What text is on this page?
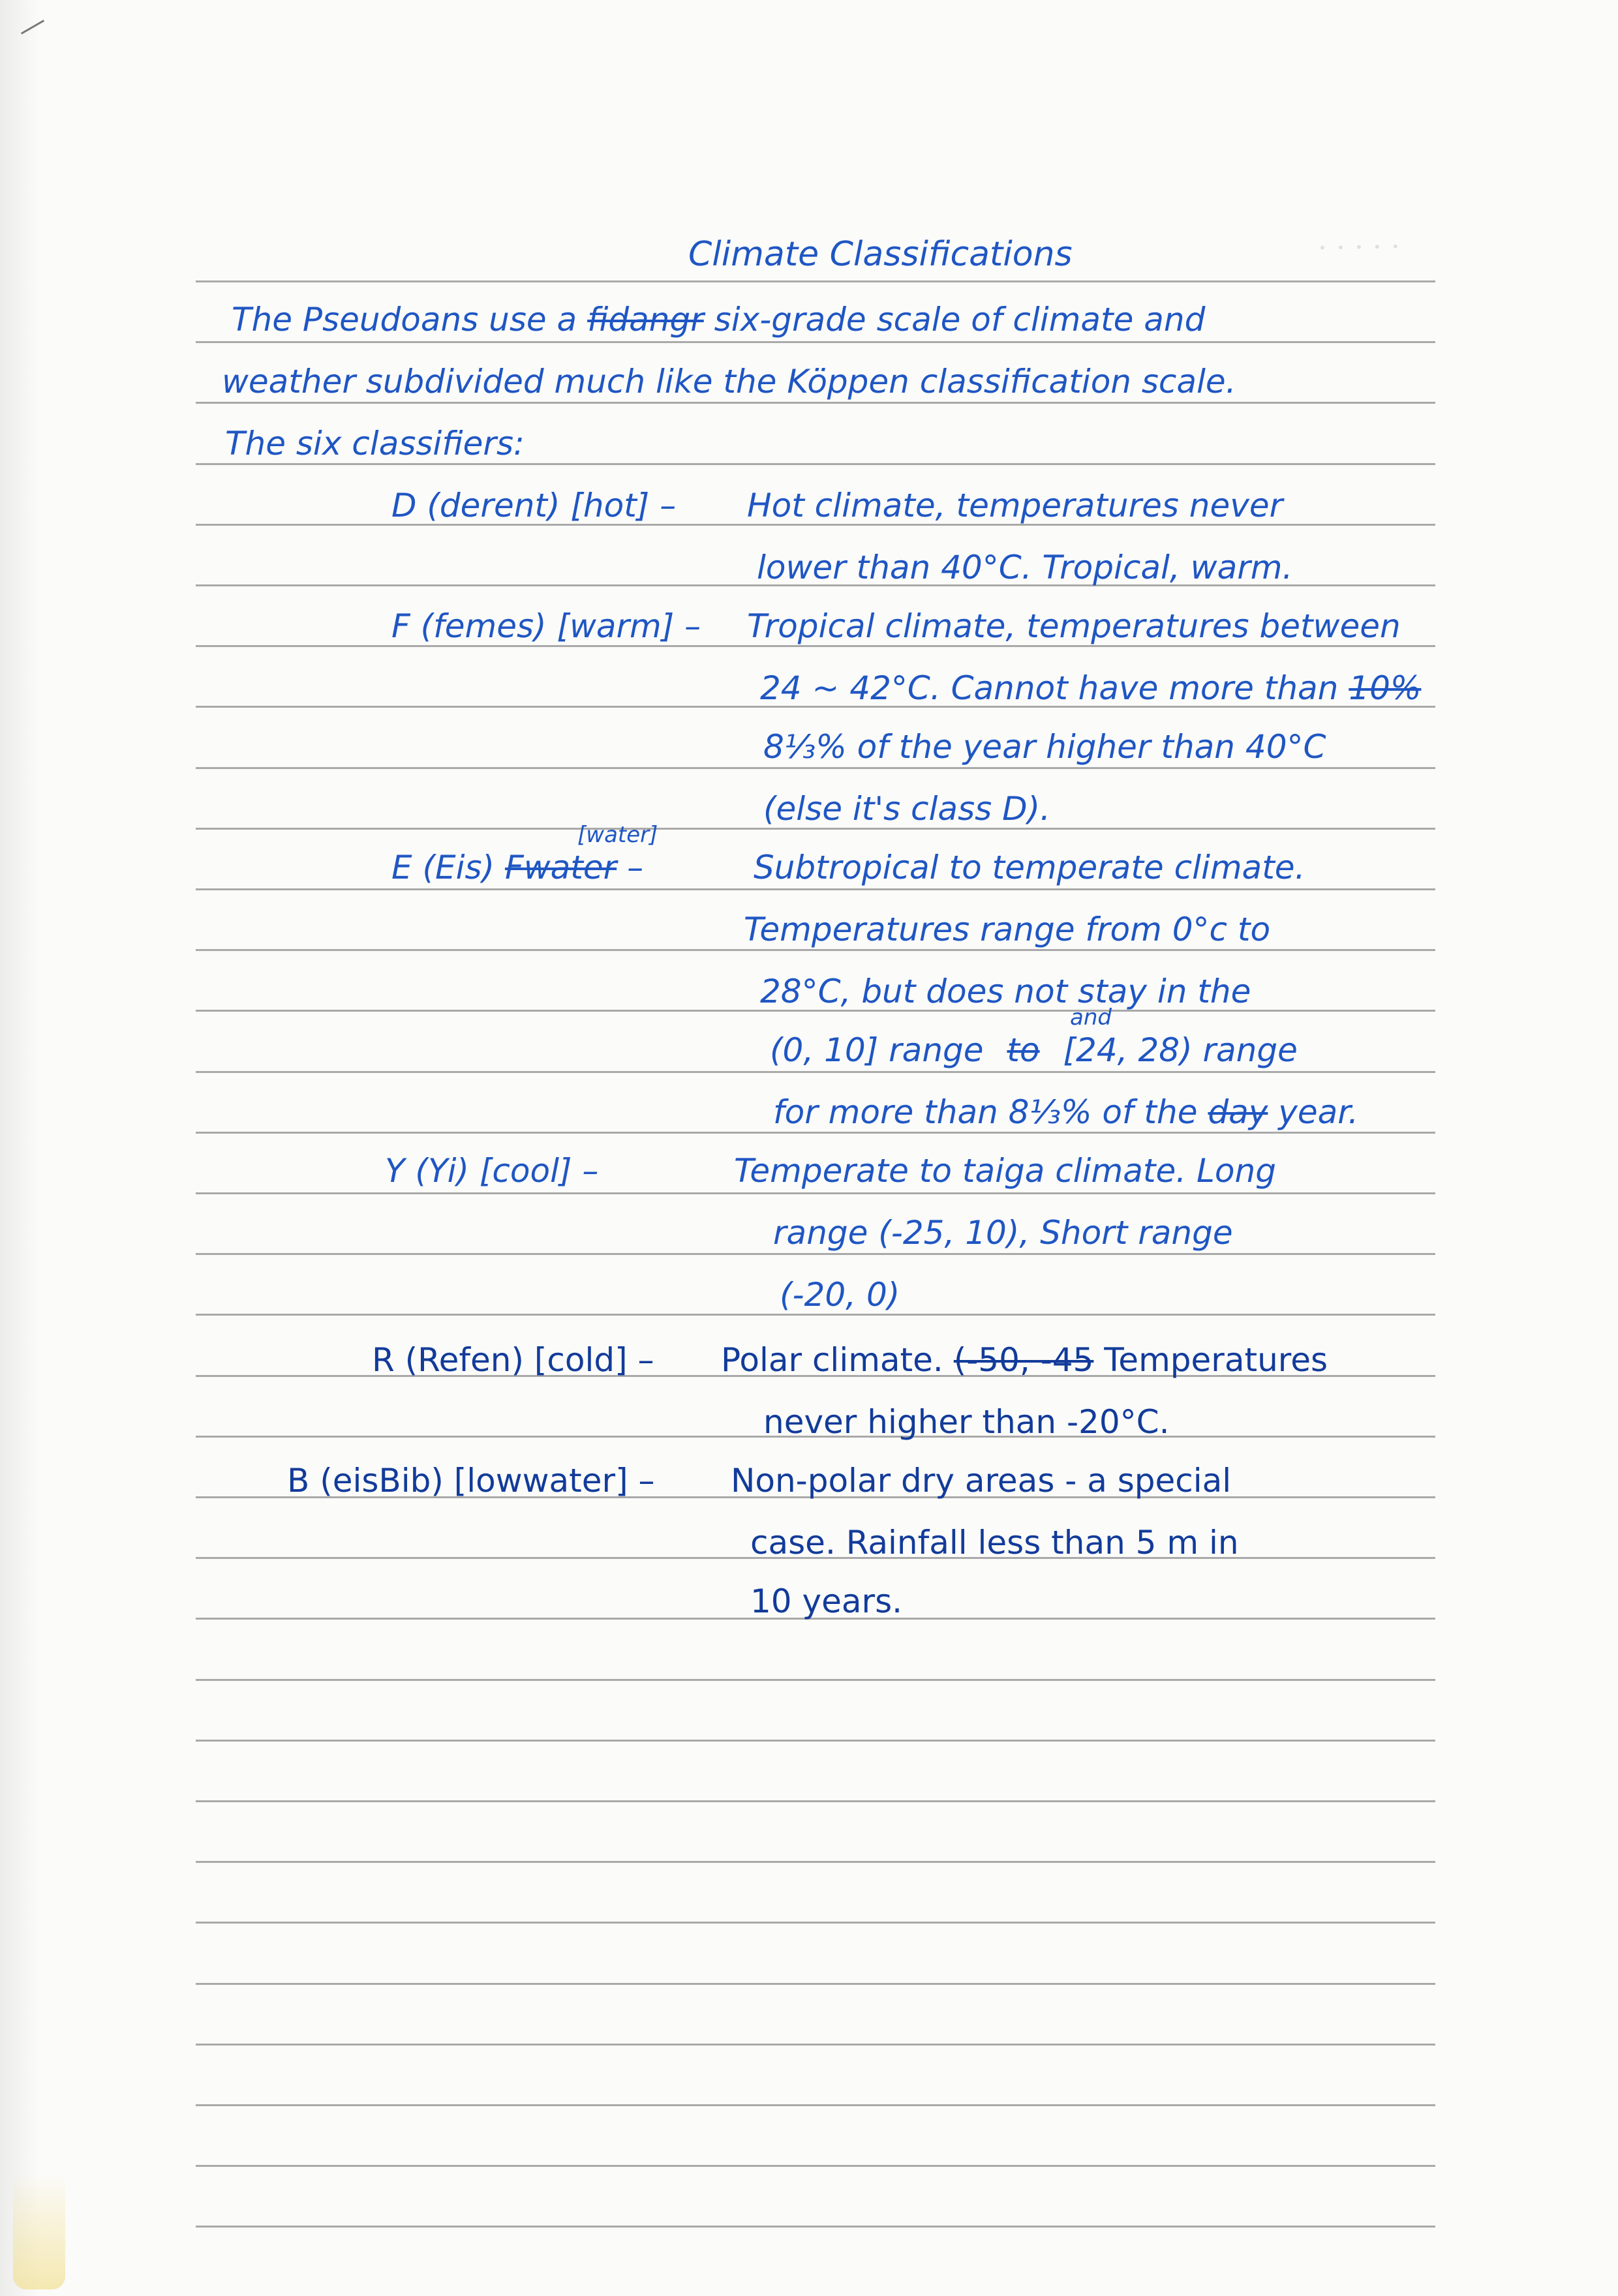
· · · · ·
Climate Classifications
The Pseudoans use a fidangr six-grade scale of climate and
weather subdivided much like the Köppen classification scale.
The six classifiers:
D (derent) [hot] – Hot climate, temperatures never
lower than 40°C. Tropical, warm.
F (femes) [warm] – Tropical climate, temperatures between
24 ~ 42°C. Cannot have more than 10%
8⅓% of the year higher than 40°C
(else it's class D).
[water]
E (Eis) Fwater –	Subtropical to temperate climate.
Temperatures range from 0°c to
28°C, but does not stay in the
and
(0, 10] range to [24, 28) range
for more than 8⅓% of the day year.
Y (Yi) [cool] –	Temperate to taiga climate. Long
range (-25, 10), Short range
(-20, 0)
R (Refen) [cold] – Polar climate. (-50, -45 Temperatures
never higher than -20°C.
B (eisBib) [lowwater] – Non-polar dry areas - a special
case. Rainfall less than 5 m in
10 years.
